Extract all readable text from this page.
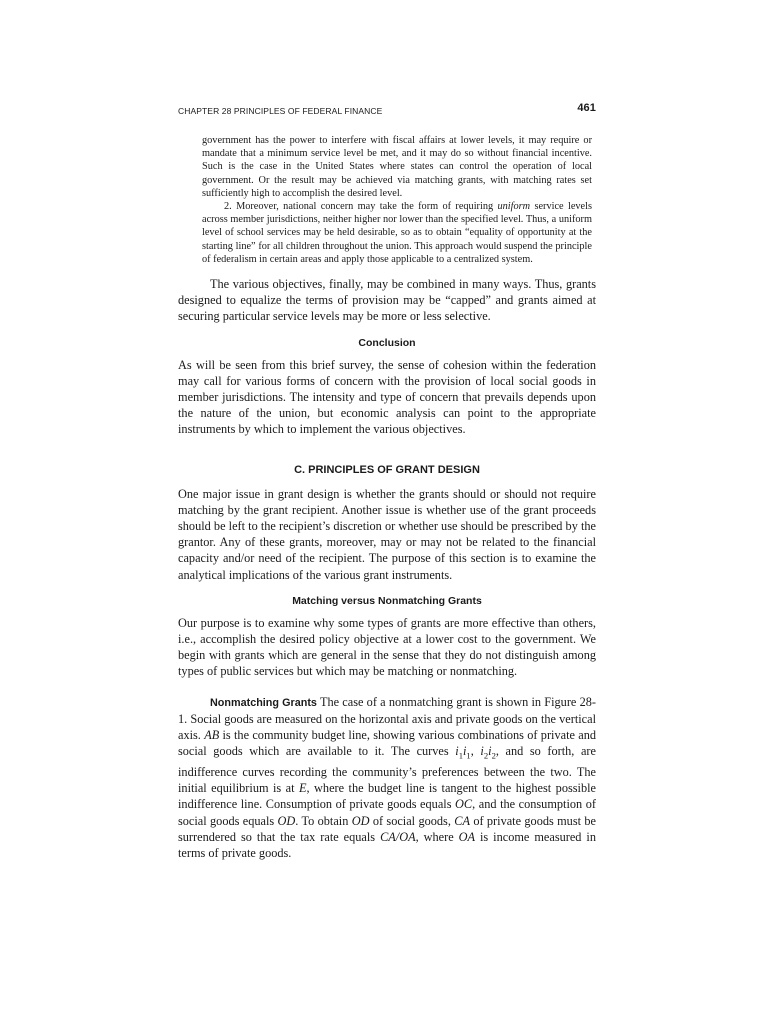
CHAPTER 28 PRINCIPLES OF FEDERAL FINANCE	461

government has the power to interfere with fiscal affairs at lower levels, it may require or mandate that a minimum service level be met, and it may do so without financial incentive. Such is the case in the United States where states can control the operation of local government. Or the result may be achieved via matching grants, with matching rates set sufficiently high to accomplish the desired level.

2. Moreover, national concern may take the form of requiring uniform service levels across member jurisdictions, neither higher nor lower than the specified level. Thus, a uniform level of school services may be held desirable, so as to obtain “equality of opportunity at the starting line” for all children throughout the union. This approach would suspend the principle of federalism in certain areas and apply those applicable to a centralized system.

The various objectives, finally, may be combined in many ways. Thus, grants designed to equalize the terms of provision may be “capped” and grants aimed at securing particular service levels may be more or less selective.

Conclusion

As will be seen from this brief survey, the sense of cohesion within the federation may call for various forms of concern with the provision of local social goods in member jurisdictions. The intensity and type of concern that prevails depends upon the nature of the union, but economic analysis can point to the appropriate instruments by which to implement the various objectives.

C. PRINCIPLES OF GRANT DESIGN

One major issue in grant design is whether the grants should or should not require matching by the grant recipient. Another issue is whether use of the grant proceeds should be left to the recipient’s discretion or whether use should be prescribed by the grantor. Any of these grants, moreover, may or may not be related to the financial capacity and/or need of the recipient. The purpose of this section is to examine the analytical implications of the various grant instruments.

Matching versus Nonmatching Grants

Our purpose is to examine why some types of grants are more effective than others, i.e., accomplish the desired policy objective at a lower cost to the government. We begin with grants which are general in the sense that they do not distinguish among types of public services but which may be matching or nonmatching.

Nonmatching Grants The case of a nonmatching grant is shown in Figure 28-1. Social goods are measured on the horizontal axis and private goods on the vertical axis. AB is the community budget line, showing various combinations of private and social goods which are available to it. The curves $i_1i_1$, $i_2i_2$, and so forth, are indifference curves recording the community’s preferences between the two. The initial equilibrium is at E, where the budget line is tangent to the highest possible indifference line. Consumption of private goods equals OC, and the consumption of social goods equals OD. To obtain OD of social goods, CA of private goods must be surrendered so that the tax rate equals CA/OA, where OA is income measured in terms of private goods.
